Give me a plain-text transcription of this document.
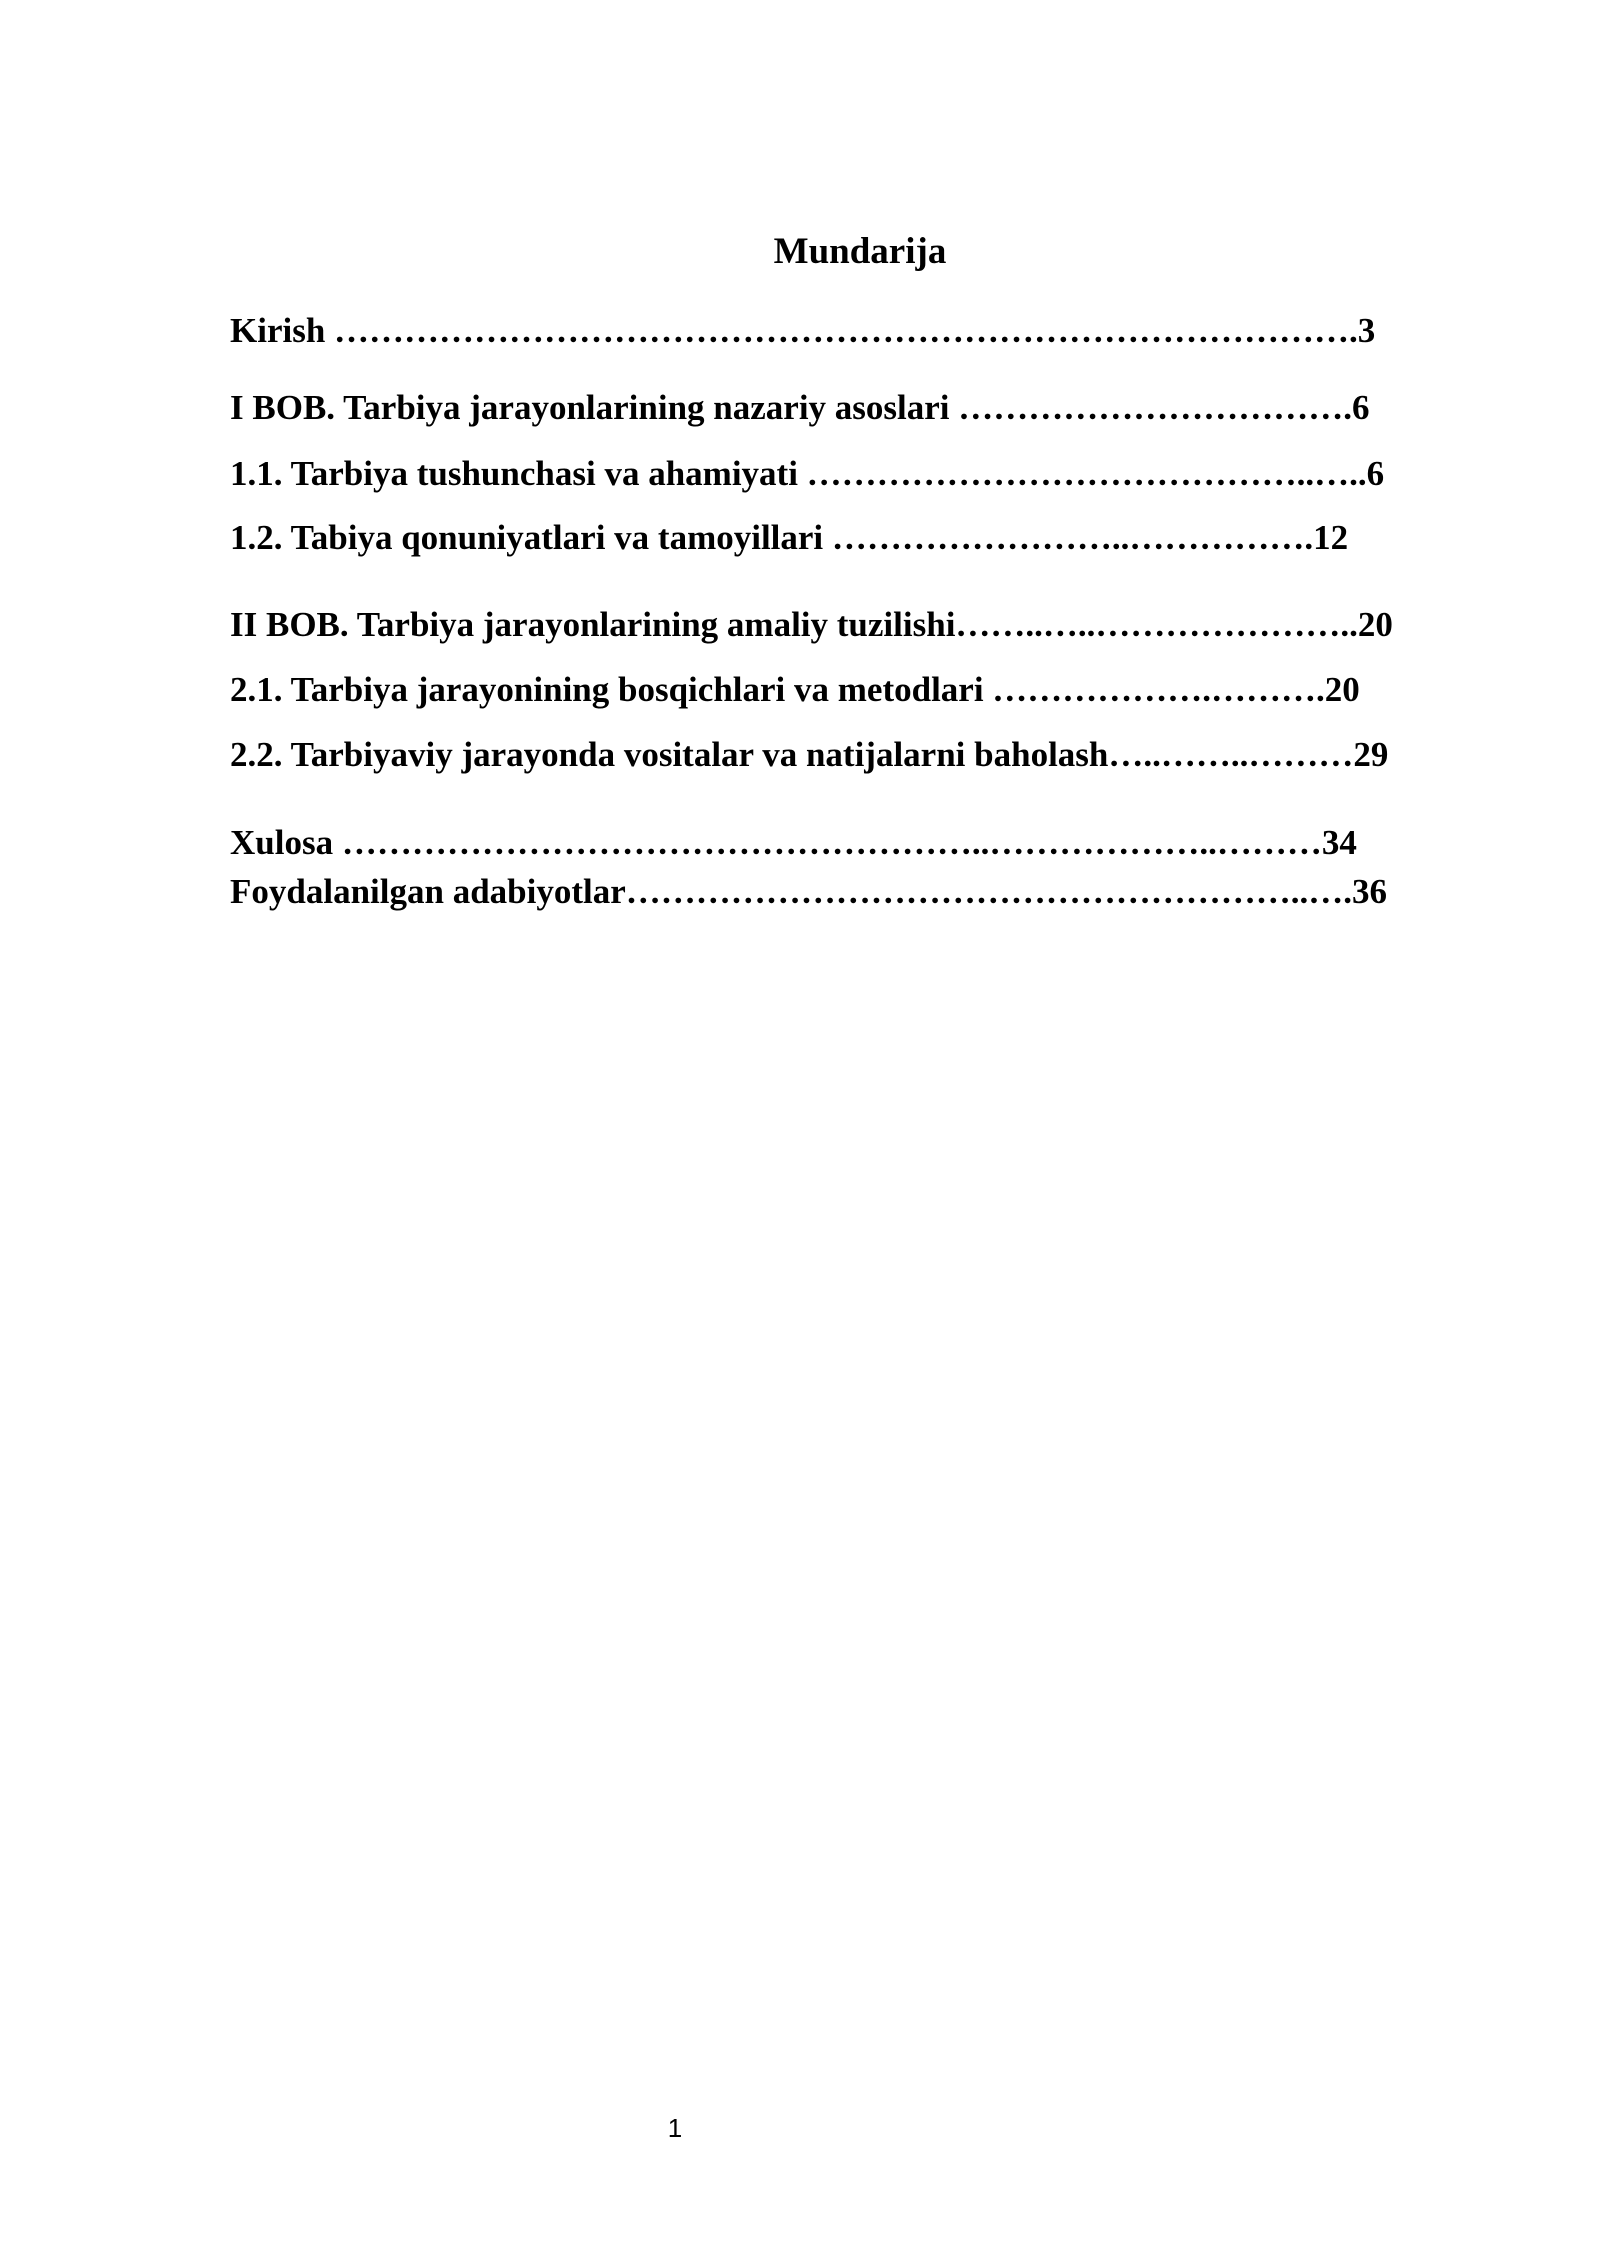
Mundarija
Kirish …………………………………………………………………………….3
I BOB. Tarbiya jarayonlarining nazariy asoslari …………………………….6
1.1. Tarbiya tushunchasi va ahamiyati ……………………………………..…..6
1.2. Tabiya qonuniyatlari va tamoyillari ……………………..…………….12
II BOB. Tarbiya jarayonlarining amaliy tuzilishi……..…..…………………..20
2.1. Tarbiya jarayonining bosqichlari va metodlari ……………….……….20
2.2. Tarbiyaviy jarayonda vositalar va natijalarni baholash…..……..………29
Xulosa ………………………………………………..………………..………34
Foydalanilgan adabiyotlar…………………………………………………..….36
1
